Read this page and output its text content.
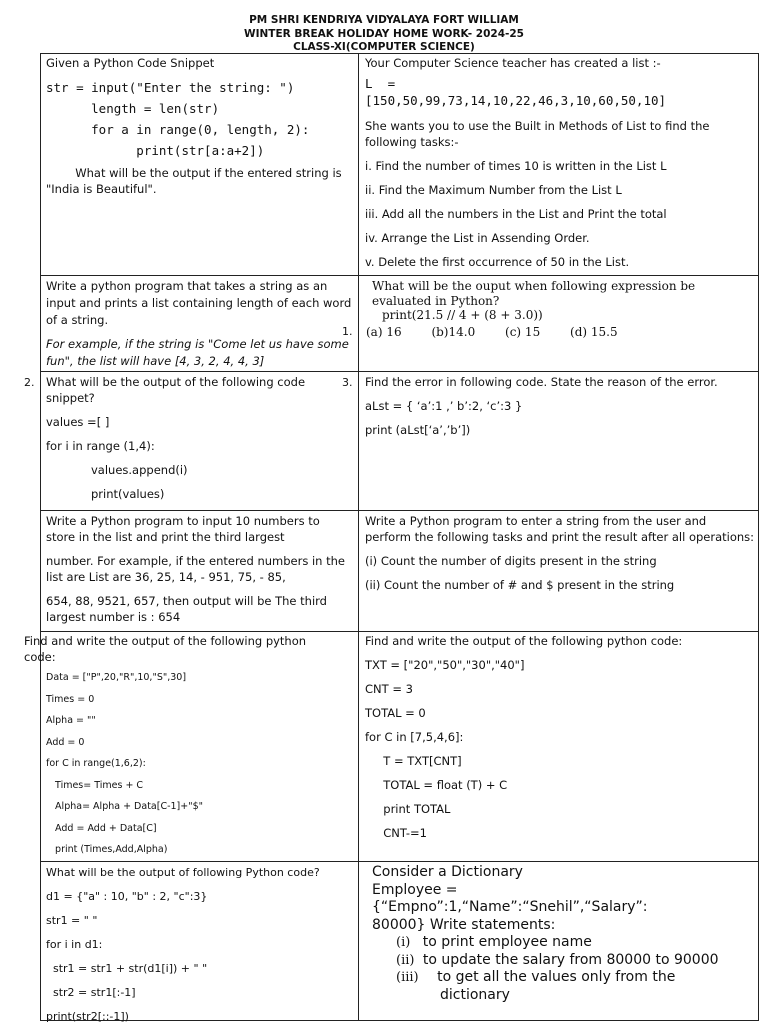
PM SHRI KENDRIYA VIDYALAYA FORT WILLIAM
WINTER BREAK HOLIDAY HOME WORK- 2024-25
CLASS-XI(COMPUTER SCIENCE)
Given a Python Code Snippet
str = input("Enter the string: ")
length = len(str)
for a in range(0, length, 2):
print(str[a:a+2])
What will be the output if the entered string is "India is Beautiful".
Your Computer Science teacher has created a list :-
L  =
[150,50,99,73,14,10,22,46,3,10,60,50,10]
She wants you to use the Built in Methods of List to find the following tasks:-
i. Find the number of times 10 is written in the List L
ii. Find the Maximum Number from the List L
iii. Add all the numbers in the List and Print the total
iv. Arrange the List in Assending Order.
v. Delete the first occurrence of 50 in the List.
Write a python program that takes a string as an input and prints a list containing length of each word of a string.
For example, if the string is "Come let us have some fun", the list will have [4, 3, 2, 4, 4, 3]
1.
What will be the ouput when following expression be evaluated in Python?
print(21.5 // 4 + (8 + 3.0))
(a) 16 (b)14.0 (c) 15 (d) 15.5
2. What will be the output of the following code snippet?
values =[ ]
for i in range (1,4):
values.append(i)
print(values)
3. Find the error in following code. State the reason of the error.
aLst = { ‘a’:1 ,’ b’:2, ‘c’:3 }
print (aLst[‘a’,’b’])
Write a Python program to input 10 numbers to store in the list and print the third largest
number. For example, if the entered numbers in the list are List are 36, 25, 14, - 951, 75, - 85,
654, 88, 9521, 657, then output will be The third largest number is : 654
Write a Python program to enter a string from the user and perform the following tasks and print the result after all operations:
(i) Count the number of digits present in the string
(ii) Count the number of # and $ present in the string
Find and write the output of the following python
code:
Data = ["P",20,"R",10,"S",30]
Times = 0
Alpha = ""
Add = 0
for C in range(1,6,2):
Times= Times + C
Alpha= Alpha + Data[C-1]+"$"
Add = Add + Data[C]
print (Times,Add,Alpha)
Find and write the output of the following python code:
TXT = ["20","50","30","40"]
CNT = 3
TOTAL = 0
for C in [7,5,4,6]:
T = TXT[CNT]
TOTAL = float (T) + C
print TOTAL
CNT-=1
What will be the output of following Python code?
d1 = {"a" : 10, "b" : 2, "c":3}
str1 = " "
for i in d1:
str1 = str1 + str(d1[i]) + " "
str2 = str1[:-1]
print(str2[::-1])
Consider a Dictionary
Employee =
{“Empno”:1,“Name”:“Snehil”,“Salary”:
80000} Write statements:
(i) to print employee name
(ii) to update the salary from 80000 to 90000
(iii) to get all the values only from the
dictionary
